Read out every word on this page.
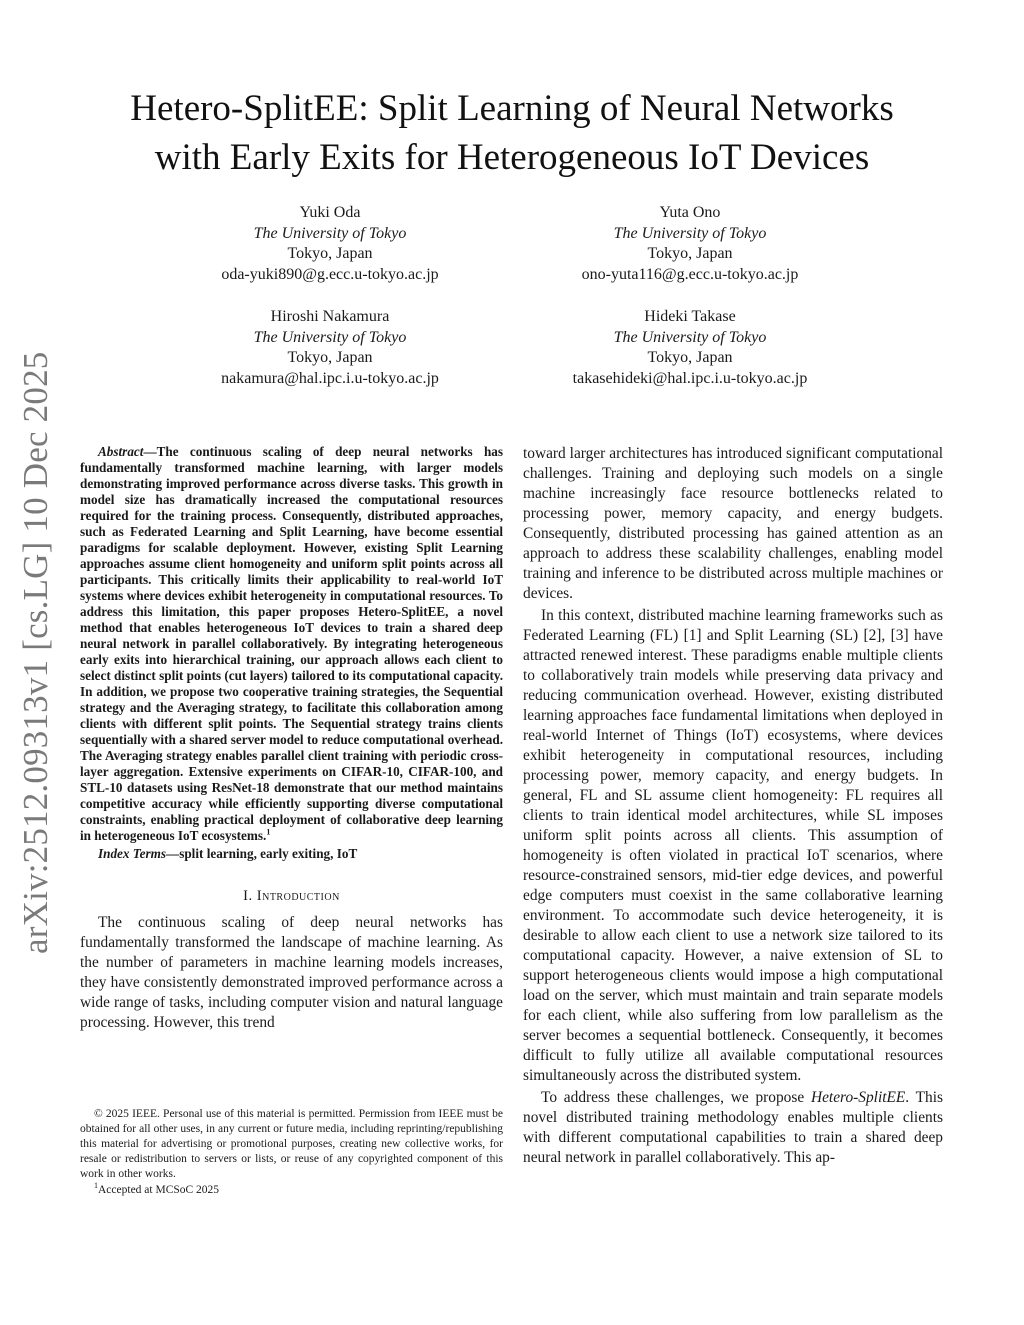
arXiv:2512.09313v1 [cs.LG] 10 Dec 2025
Hetero-SplitEE: Split Learning of Neural Networks
with Early Exits for Heterogeneous IoT Devices
Yuki Oda
The University of Tokyo
Tokyo, Japan
oda-yuki890@g.ecc.u-tokyo.ac.jp
Yuta Ono
The University of Tokyo
Tokyo, Japan
ono-yuta116@g.ecc.u-tokyo.ac.jp
Hiroshi Nakamura
The University of Tokyo
Tokyo, Japan
nakamura@hal.ipc.i.u-tokyo.ac.jp
Hideki Takase
The University of Tokyo
Tokyo, Japan
takasehideki@hal.ipc.i.u-tokyo.ac.jp

Abstract—The continuous scaling of deep neural networks has fundamentally transformed machine learning, with larger models demonstrating improved performance across diverse tasks. This growth in model size has dramatically increased the computational resources required for the training process. Consequently, distributed approaches, such as Federated Learning and Split Learning, have become essential paradigms for scalable deployment. However, existing Split Learning approaches assume client homogeneity and uniform split points across all participants. This critically limits their applicability to real-world IoT systems where devices exhibit heterogeneity in computational resources. To address this limitation, this paper proposes Hetero-SplitEE, a novel method that enables heterogeneous IoT devices to train a shared deep neural network in parallel collaboratively. By integrating heterogeneous early exits into hierarchical training, our approach allows each client to select distinct split points (cut layers) tailored to its computational capacity. In addition, we propose two cooperative training strategies, the Sequential strategy and the Averaging strategy, to facilitate this collaboration among clients with different split points. The Sequential strategy trains clients sequentially with a shared server model to reduce computational overhead. The Averaging strategy enables parallel client training with periodic cross-layer aggregation. Extensive experiments on CIFAR-10, CIFAR-100, and STL-10 datasets using ResNet-18 demonstrate that our method maintains competitive accuracy while efficiently supporting diverse computational constraints, enabling practical deployment of collaborative deep learning in heterogeneous IoT ecosystems.$^1$

Index Terms—split learning, early exiting, IoT

I. Introduction

The continuous scaling of deep neural networks has fundamentally transformed the landscape of machine learning. As the number of parameters in machine learning models increases, they have consistently demonstrated improved performance across a wide range of tasks, including computer vision and natural language processing. However, this trend

© 2025 IEEE. Personal use of this material is permitted. Permission from IEEE must be obtained for all other uses, in any current or future media, including reprinting/republishing this material for advertising or promotional purposes, creating new collective works, for resale or redistribution to servers or lists, or reuse of any copyrighted component of this work in other works.

$^1$Accepted at MCSoC 2025

toward larger architectures has introduced significant computational challenges. Training and deploying such models on a single machine increasingly face resource bottlenecks related to processing power, memory capacity, and energy budgets. Consequently, distributed processing has gained attention as an approach to address these scalability challenges, enabling model training and inference to be distributed across multiple machines or devices.

In this context, distributed machine learning frameworks such as Federated Learning (FL) [1] and Split Learning (SL) [2], [3] have attracted renewed interest. These paradigms enable multiple clients to collaboratively train models while preserving data privacy and reducing communication overhead. However, existing distributed learning approaches face fundamental limitations when deployed in real-world Internet of Things (IoT) ecosystems, where devices exhibit heterogeneity in computational resources, including processing power, memory capacity, and energy budgets. In general, FL and SL assume client homogeneity: FL requires all clients to train identical model architectures, while SL imposes uniform split points across all clients. This assumption of homogeneity is often violated in practical IoT scenarios, where resource-constrained sensors, mid-tier edge devices, and powerful edge computers must coexist in the same collaborative learning environment. To accommodate such device heterogeneity, it is desirable to allow each client to use a network size tailored to its computational capacity. However, a naive extension of SL to support heterogeneous clients would impose a high computational load on the server, which must maintain and train separate models for each client, while also suffering from low parallelism as the server becomes a sequential bottleneck. Consequently, it becomes difficult to fully utilize all available computational resources simultaneously across the distributed system.

To address these challenges, we propose Hetero-SplitEE. This novel distributed training methodology enables multiple clients with different computational capabilities to train a shared deep neural network in parallel collaboratively. This ap-
